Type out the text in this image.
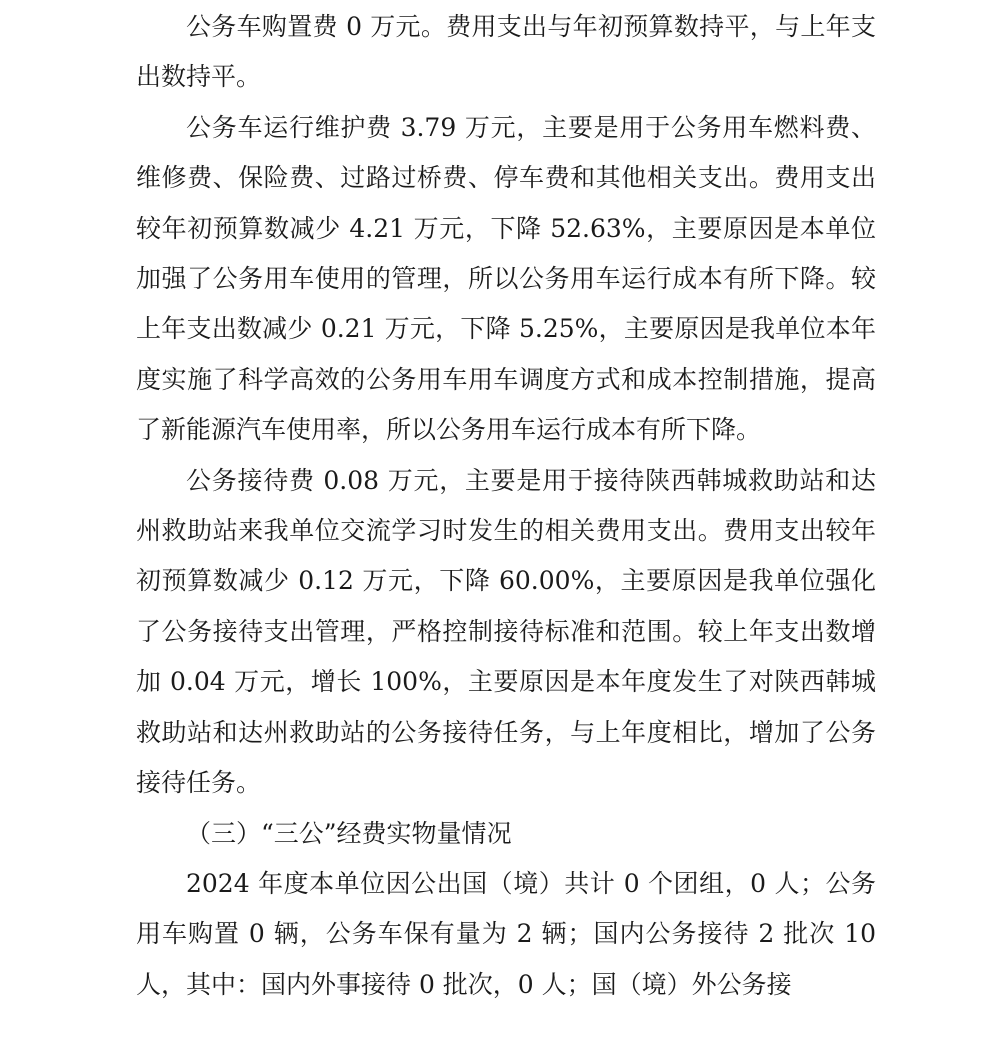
公务车购置费 0 万元。费用支出与年初预算数持平，与上年支出数持平。

公务车运行维护费 3.79 万元，主要是用于公务用车燃料费、维修费、保险费、过路过桥费、停车费和其他相关支出。费用支出较年初预算数减少 4.21 万元，下降 52.63%，主要原因是本单位加强了公务用车使用的管理，所以公务用车运行成本有所下降。较上年支出数减少 0.21 万元，下降 5.25%，主要原因是我单位本年度实施了科学高效的公务用车用车调度方式和成本控制措施，提高了新能源汽车使用率，所以公务用车运行成本有所下降。

公务接待费 0.08 万元，主要是用于接待陕西韩城救助站和达州救助站来我单位交流学习时发生的相关费用支出。费用支出较年初预算数减少 0.12 万元，下降 60.00%，主要原因是我单位强化了公务接待支出管理，严格控制接待标准和范围。较上年支出数增加 0.04 万元，增长 100%，主要原因是本年度发生了对陕西韩城救助站和达州救助站的公务接待任务，与上年度相比，增加了公务接待任务。

（三）“三公”经费实物量情况

2024 年度本单位因公出国（境）共计 0 个团组，0 人；公务用车购置 0 辆，公务车保有量为 2 辆；国内公务接待 2 批次 10 人，其中：国内外事接待 0 批次，0 人；国（境）外公务接
